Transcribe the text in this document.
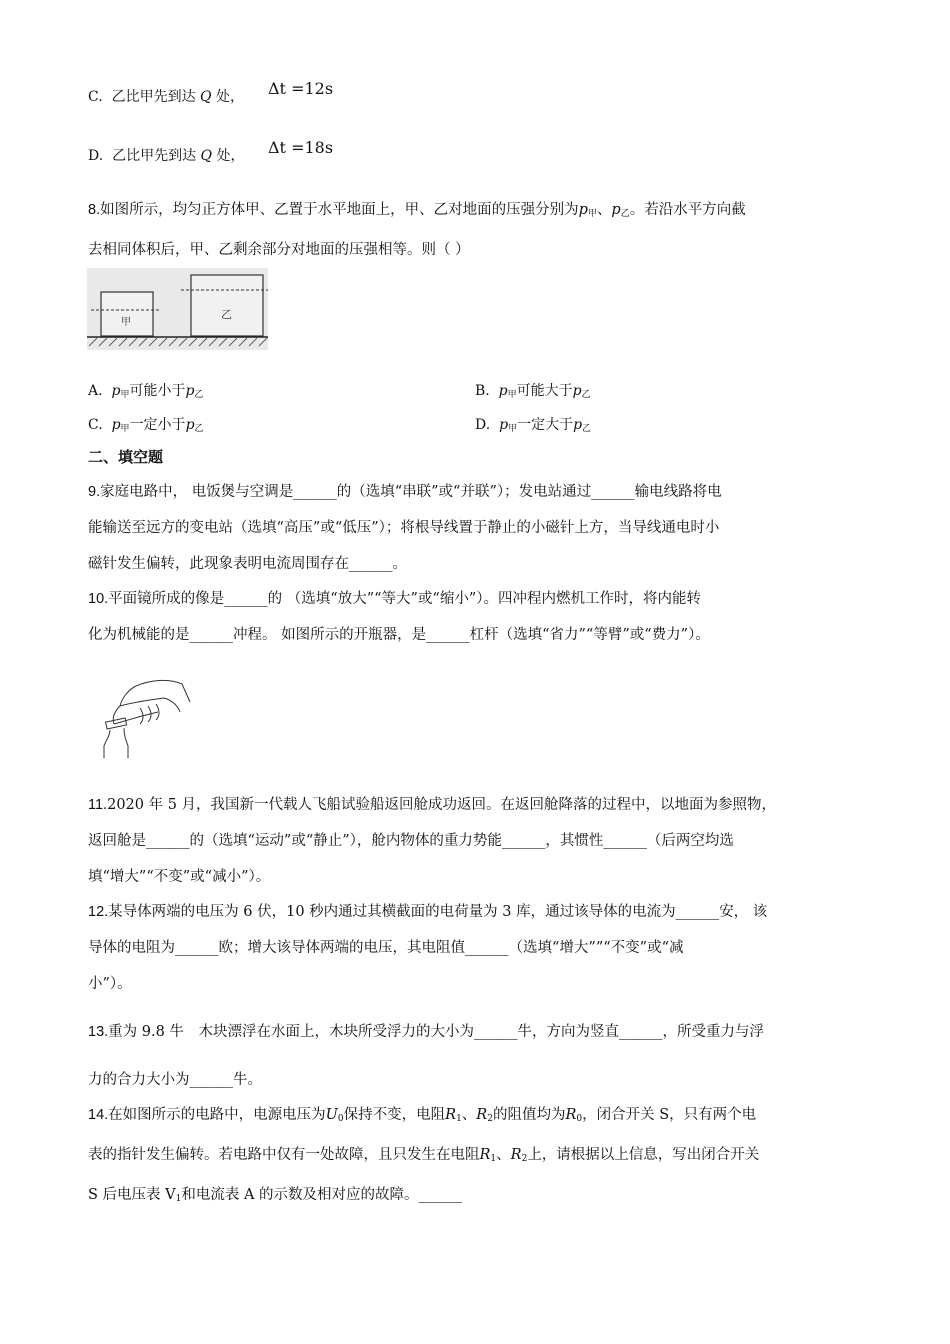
C. 乙比甲先到达 Q 处， Δt =12s
D. 乙比甲先到达 Q 处， Δt =18s
8.如图所示，均匀正方体甲、乙置于水平地面上，甲、乙对地面的压强分别为$p_甲$、$p_乙$。若沿水平方向截
去相同体积后，甲、乙剩余部分对地面的压强相等。则（ ）
甲
乙
A. $p_甲$可能小于$p_乙$	B. $p_甲$可能大于$p_乙$
C. $p_甲$一定小于$p_乙$	D. $p_甲$一定大于$p_乙$
二、填空题
9.家庭电路中， 电饭煲与空调是______的（选填“串联”或“并联”）；发电站通过______输电线路将电
能输送至远方的变电站（选填“高压”或“低压”）；将根导线置于静止的小磁针上方，当导线通电时小
磁针发生偏转，此现象表明电流周围存在______。
10.平面镜所成的像是______的 （选填“放大”“等大”或“缩小”）。四冲程内燃机工作时，将内能转
化为机械能的是______冲程。 如图所示的开瓶器，是______杠杆（选填“省力”“等臂”或“费力”）。
11.2020 年 5 月，我国新一代载人飞船试验船返回舱成功返回。在返回舱降落的过程中，以地面为参照物，
返回舱是______的（选填“运动”或“静止”），舱内物体的重力势能______，其惯性______（后两空均选
填“增大”“不变”或“减小”）。
12.某导体两端的电压为 6 伏，10 秒内通过其横截面的电荷量为 3 库，通过该导体的电流为______安， 该
导体的电阻为______欧；增大该导体两端的电压，其电阻值______（选填“增大””“不变”或“减
小”）。
13.重为 9.8 牛　木块漂浮在水面上，木块所受浮力的大小为______牛，方向为竖直______，所受重力与浮
力的合力大小为______牛。
14.在如图所示的电路中，电源电压为$U_0$保持不变，电阻$R_1$、$R_2$的阻值均为$R_0$，闭合开关 S，只有两个电
表的指针发生偏转。若电路中仅有一处故障，且只发生在电阻$R_1$、$R_2$上，请根据以上信息，写出闭合开关
S 后电压表 $V_1$和电流表 A 的示数及相对应的故障。______
